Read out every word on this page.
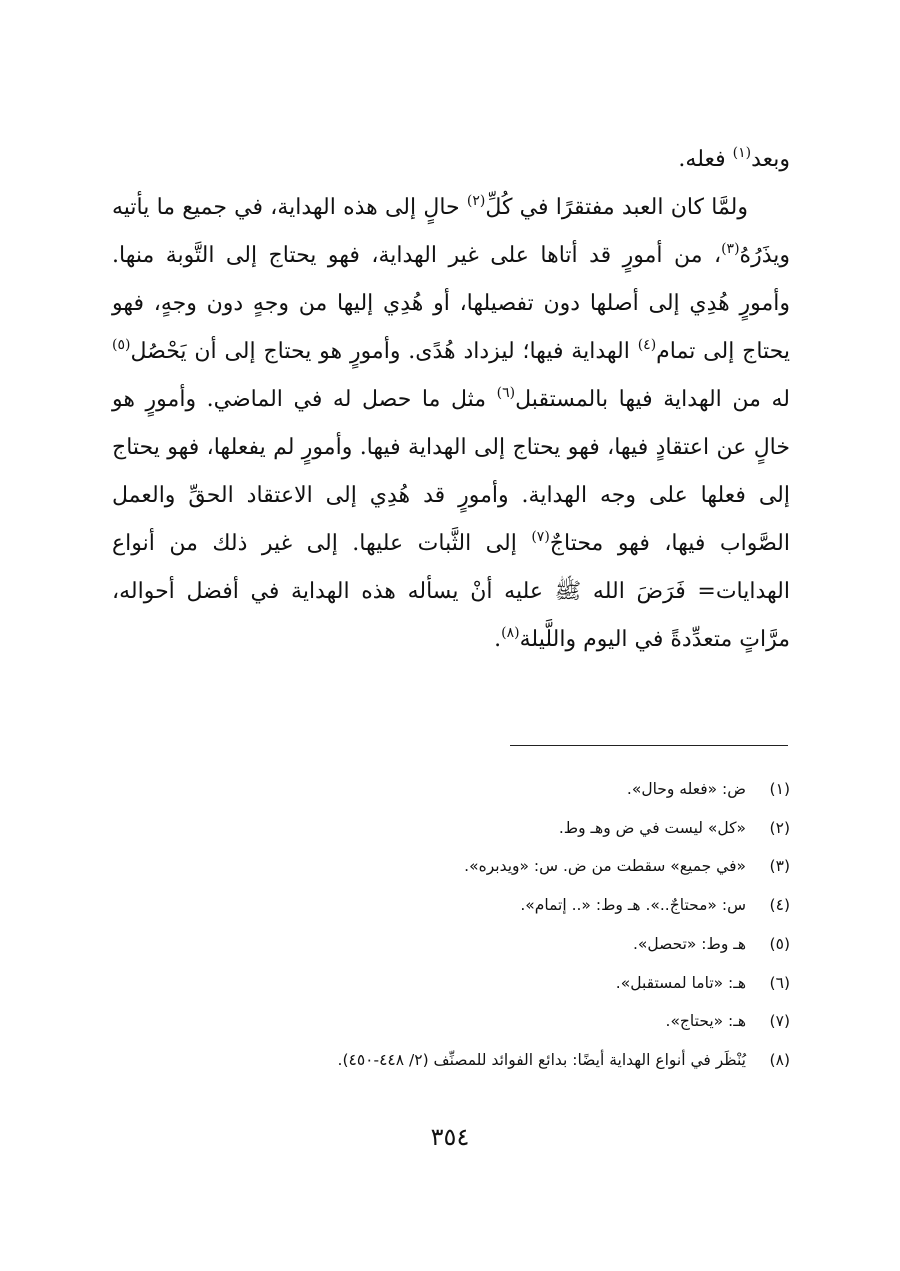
وبعد$^{(١)}$ فعله.

ولمَّا كان العبد مفتقرًا في كُلِّ$^{(٢)}$ حالٍ إلى هذه الهداية، في جميع ما يأتيه ويذَرُهُ$^{(٣)}$، من أمورٍ قد أتاها على غير الهداية، فهو يحتاج إلى التَّوبة منها. وأمورٍ هُدِي إلى أصلها دون تفصيلها، أو هُدِي إليها من وجهٍ دون وجهٍ، فهو يحتاج إلى تمام$^{(٤)}$ الهداية فيها؛ ليزداد هُدًى. وأمورٍ هو يحتاج إلى أن يَحْصُل$^{(٥)}$ له من الهداية فيها بالمستقبل$^{(٦)}$ مثل ما حصل له في الماضي. وأمورٍ هو خالٍ عن اعتقادٍ فيها، فهو يحتاج إلى الهداية فيها. وأمورٍ لم يفعلها، فهو يحتاج إلى فعلها على وجه الهداية. وأمورٍ قد هُدِي إلى الاعتقاد الحقِّ والعمل الصَّواب فيها، فهو محتاجٌ$^{(٧)}$ إلى الثَّبات عليها. إلى غير ذلك من أنواع الهدايات= فَرَضَ الله ﷺ عليه أنْ يسأله هذه الهداية في أفضل أحواله، مرَّاتٍ متعدِّدةً في اليوم واللَّيلة$^{(٨)}$.

(١)ض: «فعله وحال».

(٢)«كل» ليست في ض وهـ وط.

(٣)«في جميع» سقطت من ض. س: «ويدبره».

(٤)س: «محتاجٌ..». هـ وط: «.. إتمام».

(٥)هـ وط: «تحصل».

(٦)هـ: «تاما لمستقبل».

(٧)هـ: «يحتاج».

(٨)يُنْظَر في أنواع الهداية أيضًا: بدائع الفوائد للمصنِّف (٢/ ٤٤٨-٤٥٠).

٣٥٤
